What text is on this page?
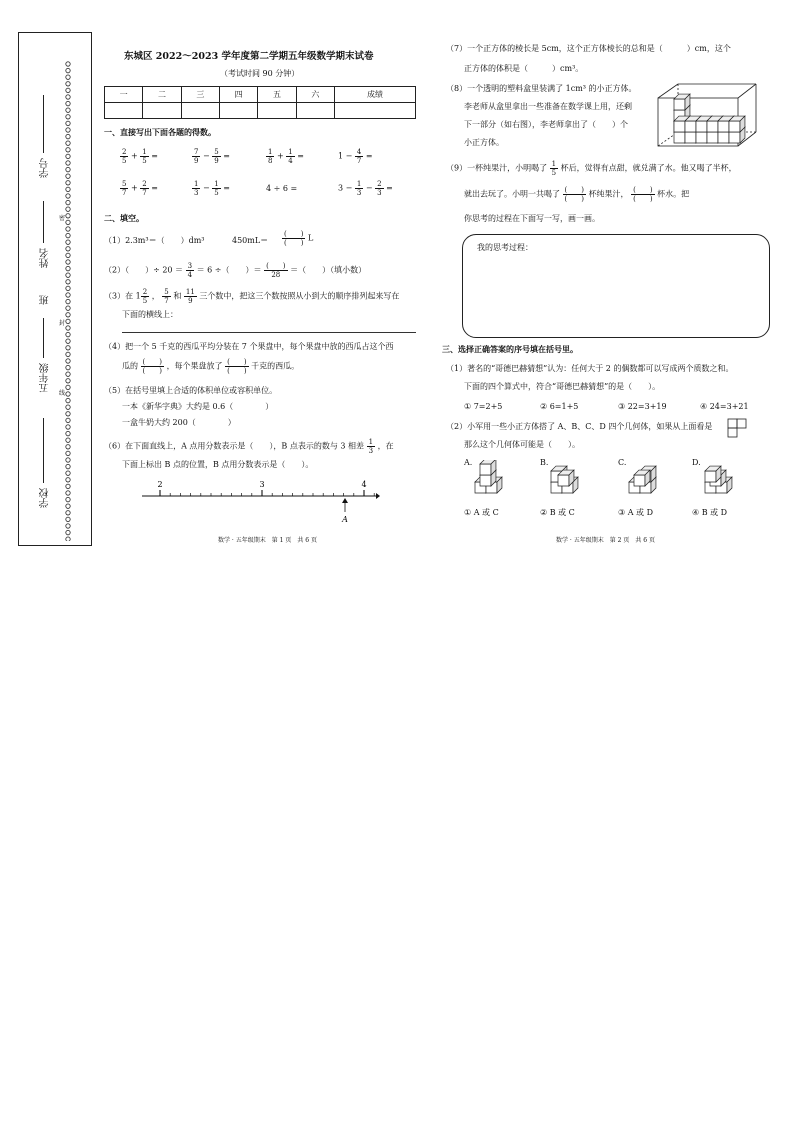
学校
五年级
班
姓名
学号
密
封
线
东城区 2022～2023 学年度第二学期五年级数学期末试卷
（考试时间 90 分钟）
一	二	三	四	五	六	成绩

一、直接写出下面各题的得数。
$\frac{2}{5} + \frac{1}{5}$ =	$\frac{7}{9} - \frac{5}{9}$ =	$\frac{1}{8} + \frac{1}{4}$ =	$1 - \frac{4}{7}$ =
$\frac{5}{7} + \frac{2}{7}$ =	$\frac{1}{3} - \frac{1}{5}$ =	4 ÷ 6 =	$3 - \frac{1}{3} - \frac{2}{3}$ =
二、填空。
（1）2.3m³＝（　　）dm³	$450mL= \frac{( )}{( )}$ L
（2）（　　）÷ $20 = \frac{3}{4} = 6$ ÷（　　）＝ $\frac{( )}{28}$ ＝（　　）（填小数）
（3）在 $1 \frac{2}{5}$ ， $\frac{5}{7}$ 和 $\frac{11}{9}$ 三个数中，把这三个数按照从小到大的顺序排列起来写在
下面的横线上：
（4）把一个 5 千克的西瓜平均分装在 7 个果盘中，每个果盘中放的西瓜占这个西
瓜的 $\frac{( )}{( )}$ ，每个果盘放了 $\frac{( )}{( )}$ 千克的西瓜。
（5）在括号里填上合适的体积单位或容积单位。
一本《新华字典》大约是 0.6（　　　　）
一盒牛奶大约 200（　　　　）
（6）在下面直线上，A 点用分数表示是（　　），B 点表示的数与 3 相差 $\frac{1}{3}$ ，在
下面上标出 B 点的位置，B 点用分数表示是（　　）。
2	3	4
A
（7）一个正方体的棱长是 5cm，这个正方体棱长的总和是（　　　）cm，这个
正方体的体积是（　　　）cm³。
（8）一个透明的塑料盒里装满了 1cm³ 的小正方体。
李老师从盒里拿出一些准备在数学课上用，还剩
下一部分（如右图），李老师拿出了（　　）个
小正方体。
（9）一杯纯果汁，小明喝了 $\frac{1}{5}$ 杯后，觉得有点甜，就兑满了水。他又喝了半杯，
就出去玩了。小明一共喝了 $\frac{( )}{( )}$ 杯纯果汁， $\frac{( )}{( )}$ 杯水。把
你思考的过程在下面写一写，画一画。
我的思考过程：
三、选择正确答案的序号填在括号里。
（1）著名的“哥德巴赫猜想”认为：任何大于 2 的偶数都可以写成两个质数之和。
下面的四个算式中，符合“哥德巴赫猜想”的是（　　）。
① 7=2+5	② 6=1+5	③ 22=3+19	④ 24=3+21
（2）小军用一些小正方体搭了 A、B、C、D 四个几何体，如果从上面看是
那么这个几何体可能是（　　）。
A.	B.	C.	D.
① A 或 C	② B 或 C	③ A 或 D	④ B 或 D
数学 · 五年级期末　第 1 页　共 6 页	数学 · 五年级期末　第 2 页　共 6 页
